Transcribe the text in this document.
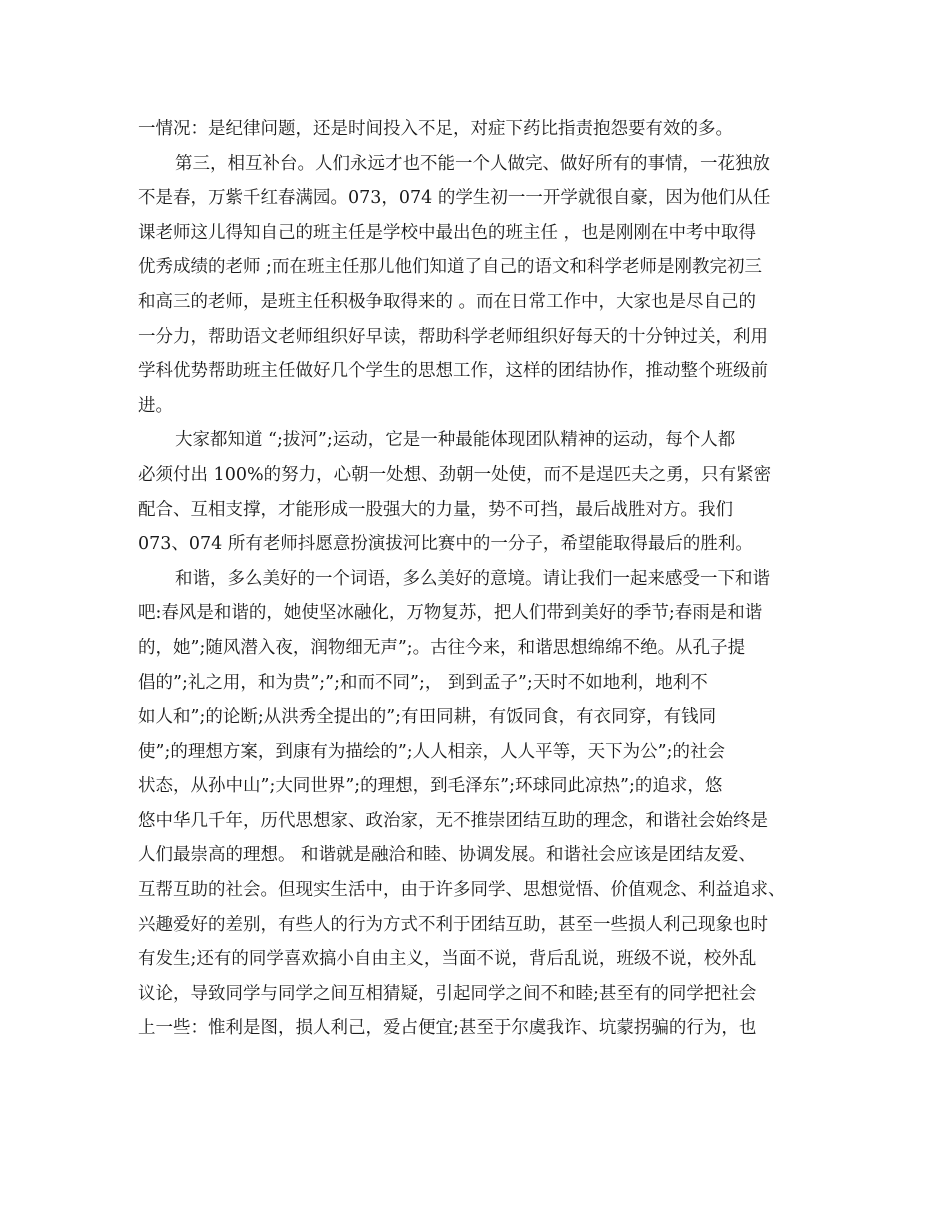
一情况：是纪律问题，还是时间投入不足，对症下药比指责抱怨要有效的多。
第三，相互补台。人们永远才也不能一个人做完、做好所有的事情，一花独放
不是春，万紫千红春满园。073，074 的学生初一一开学就很自豪，因为他们从任
课老师这儿得知自己的班主任是学校中最出色的班主任 ，也是刚刚在中考中取得
优秀成绩的老师 ;而在班主任那儿他们知道了自己的语文和科学老师是刚教完初三
和高三的老师，是班主任积极争取得来的 。而在日常工作中，大家也是尽自己的
一分力，帮助语文老师组织好早读，帮助科学老师组织好每天的十分钟过关，利用
学科优势帮助班主任做好几个学生的思想工作，这样的团结协作，推动整个班级前
进。
大家都知道 “;拔河”;运动，它是一种最能体现团队精神的运动，每个人都
必须付出 100%的努力，心朝一处想、劲朝一处使，而不是逞匹夫之勇，只有紧密
配合、互相支撑，才能形成一股强大的力量，势不可挡，最后战胜对方。我们
073、074 所有老师抖愿意扮演拔河比赛中的一分子，希望能取得最后的胜利。
和谐，多么美好的一个词语，多么美好的意境。请让我们一起来感受一下和谐
吧:春风是和谐的，她使坚冰融化，万物复苏，把人们带到美好的季节;春雨是和谐
的，她”;随风潜入夜，润物细无声”;。古往今来，和谐思想绵绵不绝。从孔子提
倡的”;礼之用，和为贵”;”;和而不同”;， 到到孟子”;天时不如地利，地利不
如人和”;的论断;从洪秀全提出的”;有田同耕，有饭同食，有衣同穿，有钱同
使”;的理想方案，到康有为描绘的”;人人相亲，人人平等，天下为公”;的社会
状态，从孙中山”;大同世界”;的理想，到毛泽东”;环球同此凉热”;的追求，悠
悠中华几千年，历代思想家、政治家，无不推崇团结互助的理念，和谐社会始终是
人们最崇高的理想。 和谐就是融洽和睦、协调发展。和谐社会应该是团结友爱、
互帮互助的社会。但现实生活中，由于许多同学、思想觉悟、价值观念、利益追求、
兴趣爱好的差别，有些人的行为方式不利于团结互助，甚至一些损人利己现象也时
有发生;还有的同学喜欢搞小自由主义，当面不说，背后乱说，班级不说，校外乱
议论，导致同学与同学之间互相猜疑，引起同学之间不和睦;甚至有的同学把社会
上一些：惟利是图，损人利己，爱占便宜;甚至于尔虞我诈、坑蒙拐骗的行为，也
